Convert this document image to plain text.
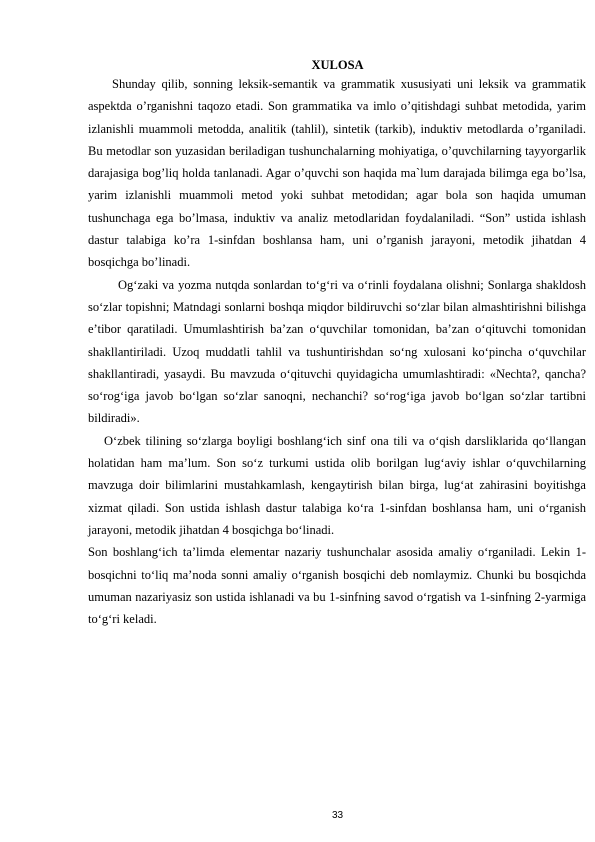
XULOSA

Shunday qilib, sonning leksik-semantik va grammatik xususiyati uni leksik va grammatik aspektda o’rganishni taqozo etadi. Son grammatika va imlo o’qitishdagi suhbat metodida, yarim izlanishli muammoli metodda, analitik (tahlil), sintetik (tarkib), induktiv metodlarda o’rganiladi. Bu metodlar son yuzasidan beriladigan tushunchalarning mohiyatiga, o’quvchilarning tayyorgarlik darajasiga bog’liq holda tanlanadi. Agar o’quvchi son haqida ma`lum darajada bilimga ega bo’lsa, yarim izlanishli muammoli metod yoki suhbat metodidan; agar bola son haqida umuman tushunchaga ega bo’lmasa, induktiv va analiz metodlaridan foydalaniladi. “Son” ustida ishlash dastur talabiga ko’ra 1-sinfdan boshlansa ham, uni o’rganish jarayoni, metodik jihatdan 4 bosqichga bo’linadi.

Og‘zaki va yozma nutqda sonlardan to‘g‘ri va o‘rinli foydalana olishni; Sonlarga shakldosh so‘zlar topishni; Matndagi sonlarni boshqa miqdor bildiruvchi so‘zlar bilan almashtirishni bilishga e’tibor qaratiladi. Umumlashtirish ba’zan o‘quvchilar tomonidan, ba’zan o‘qituvchi tomonidan shakllantiriladi. Uzoq muddatli tahlil va tushuntirishdan so‘ng xulosani ko‘pincha o‘quvchilar shakllantiradi, yasaydi. Bu mavzuda o‘qituvchi quyidagicha umumlashtiradi: «Nechta?, qancha? so‘rog‘iga javob bo‘lgan so‘zlar sanoqni, nechanchi? so‘rog‘iga javob bo‘lgan so‘zlar tartibni bildiradi».

O‘zbek tilining so‘zlarga boyligi boshlang‘ich sinf ona tili va o‘qish darsliklarida qo‘llangan holatidan ham ma’lum. Son so‘z turkumi ustida olib borilgan lug‘aviy ishlar o‘quvchilarning mavzuga doir bilimlarini mustahkamlash, kengaytirish bilan birga, lug‘at zahirasini boyitishga xizmat qiladi. Son ustida ishlash dastur talabiga ko‘ra 1-sinfdan boshlansa ham, uni o‘rganish jarayoni, metodik jihatdan 4 bosqichga bo‘linadi.

Son boshlang‘ich ta’limda elementar nazariy tushunchalar asosida amaliy o‘rganiladi. Lekin 1-bosqichni to‘liq ma’noda sonni amaliy o‘rganish bosqichi deb nomlaymiz. Chunki bu bosqichda umuman nazariyasiz son ustida ishlanadi va bu 1-sinfning savod o‘rgatish va 1-sinfning 2-yarmiga to‘g‘ri keladi.

33
